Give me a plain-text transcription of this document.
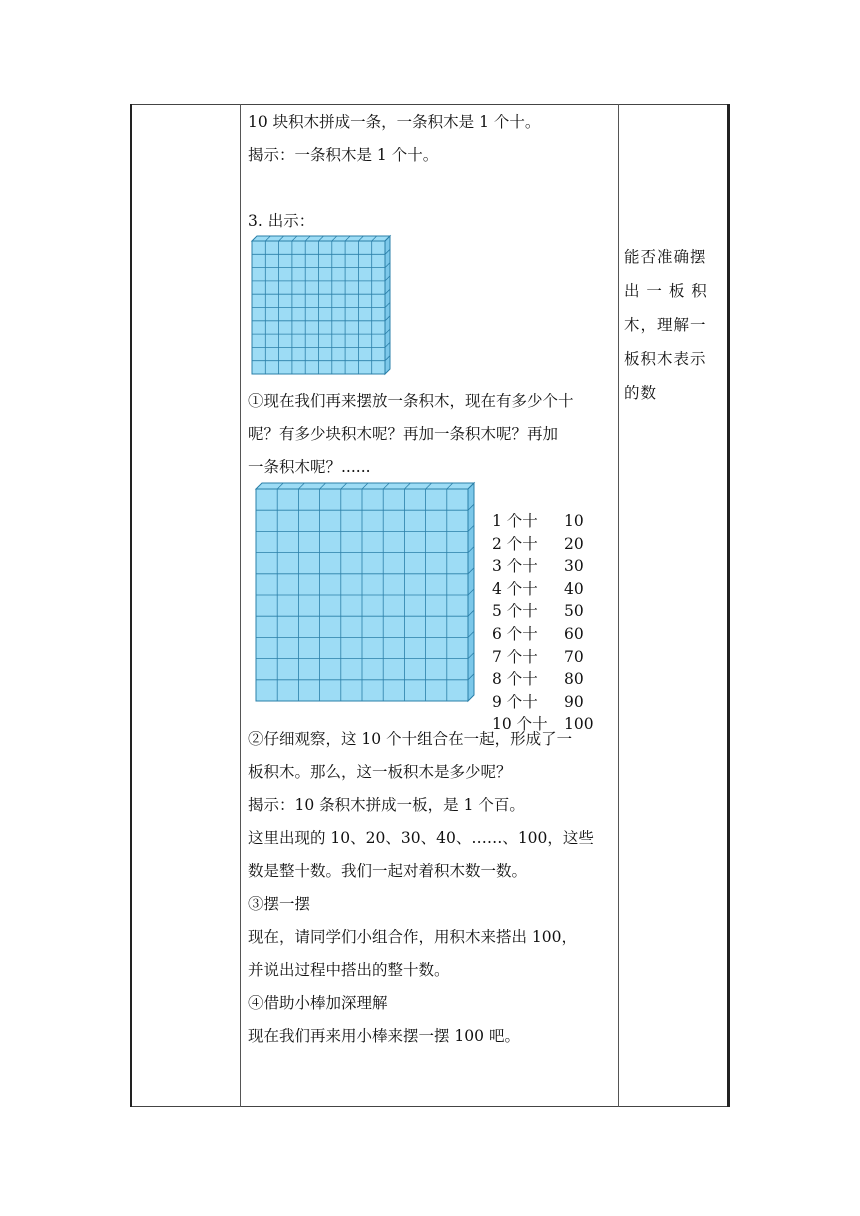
10 块积木拼成一条，一条积木是 1 个十。

揭示：一条积木是 1 个十。

3. 出示：

①现在我们再来摆放一条积木，现在有多少个十

呢？有多少块积木呢？再加一条积木呢？再加

一条积木呢？......

②仔细观察，这 10 个十组合在一起，形成了一

板积木。那么，这一板积木是多少呢？

揭示：10 条积木拼成一板，是 1 个百。

这里出现的 10、20、30、40、……、100，这些

数是整十数。我们一起对着积木数一数。

③摆一摆

现在，请同学们小组合作，用积木来搭出 100，

并说出过程中搭出的整十数。

④借助小棒加深理解

现在我们再来用小棒来摆一摆 100 吧。

1 个十 10
2 个十 20
3 个十 30
4 个十 40
5 个十 50
6 个十 60
7 个十 70
8 个十 80
9 个十 90
10 个十 100
能否准确摆
出 一 板 积
木，理解一
板积木表示
的数
